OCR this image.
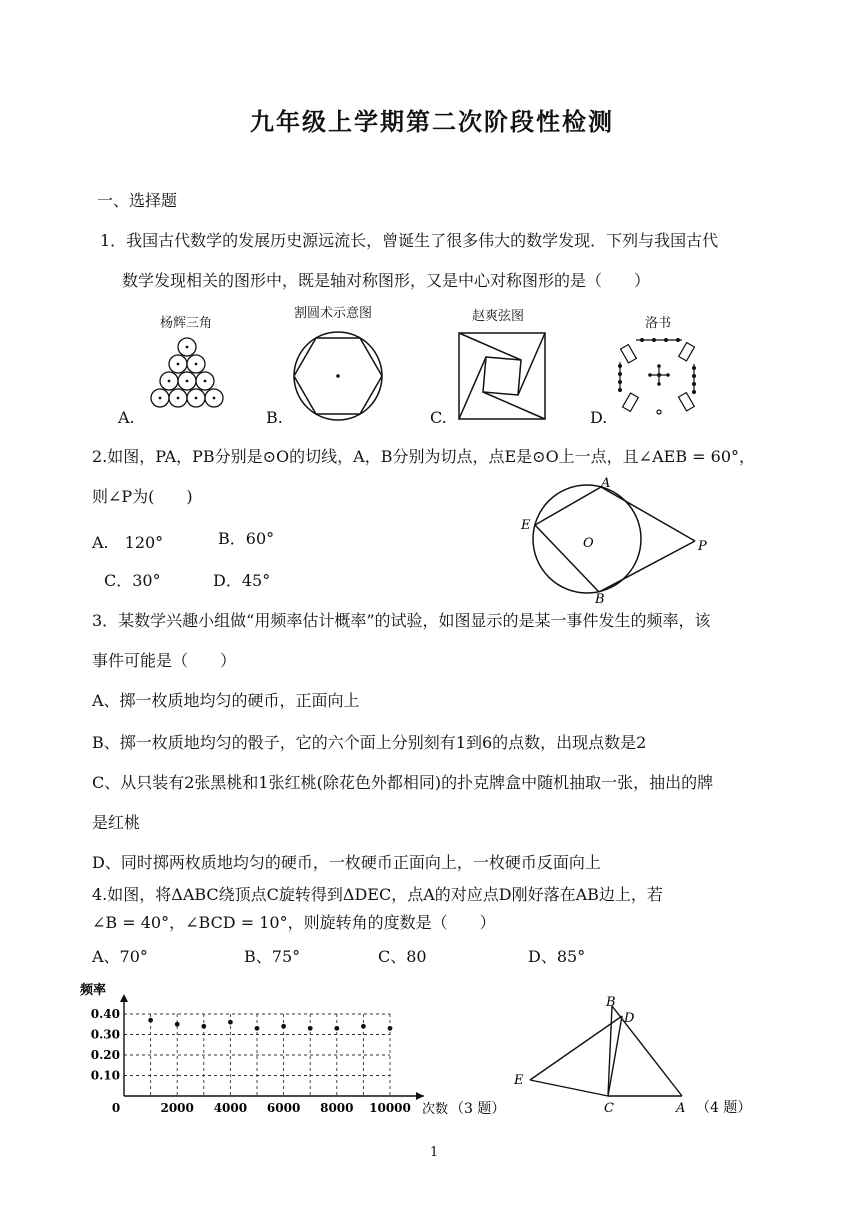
九年级上学期第二次阶段性检测
一、选择题
1．我国古代数学的发展历史源远流长，曾诞生了很多伟大的数学发现．下列与我国古代
数学发现相关的图形中，既是轴对称图形，又是中心对称图形的是（　　）
杨辉三角
割圆术示意图	赵爽弦图	洛书
A.	B.	C.	D.
2.如图，PA，PB分别是⊙O的切线，A，B分别为切点，点E是⊙O上一点，且∠AEB = 60°，
则∠P为(　　)
A.　120°	B．60°
C．30°	D．45°
A
B
E
O	P
3．某数学兴趣小组做“用频率估计概率”的试验，如图显示的是某一事件发生的频率，该
事件可能是（　　）
A、掷一枚质地均匀的硬币，正面向上
B、掷一枚质地均匀的骰子，它的六个面上分别刻有1到6的点数，出现点数是2
C、从只装有2张黑桃和1张红桃(除花色外都相同)的扑克牌盒中随机抽取一张，抽出的牌
是红桃
D、同时掷两枚质地均匀的硬币，一枚硬币正面向上，一枚硬币反面向上
4.如图，将ΔABC绕顶点C旋转得到ΔDEC，点A的对应点D刚好落在AB边上，若
∠B = 40°，∠BCD = 10°，则旋转角的度数是（　　）
A、70°	B、75°	C、80	D、85°
0.40
0.30
0.20
0.10
0	2000 4000 6000 8000 10000
频率
次数 （3 题）
B
D
E
C	A （4 题）
1
